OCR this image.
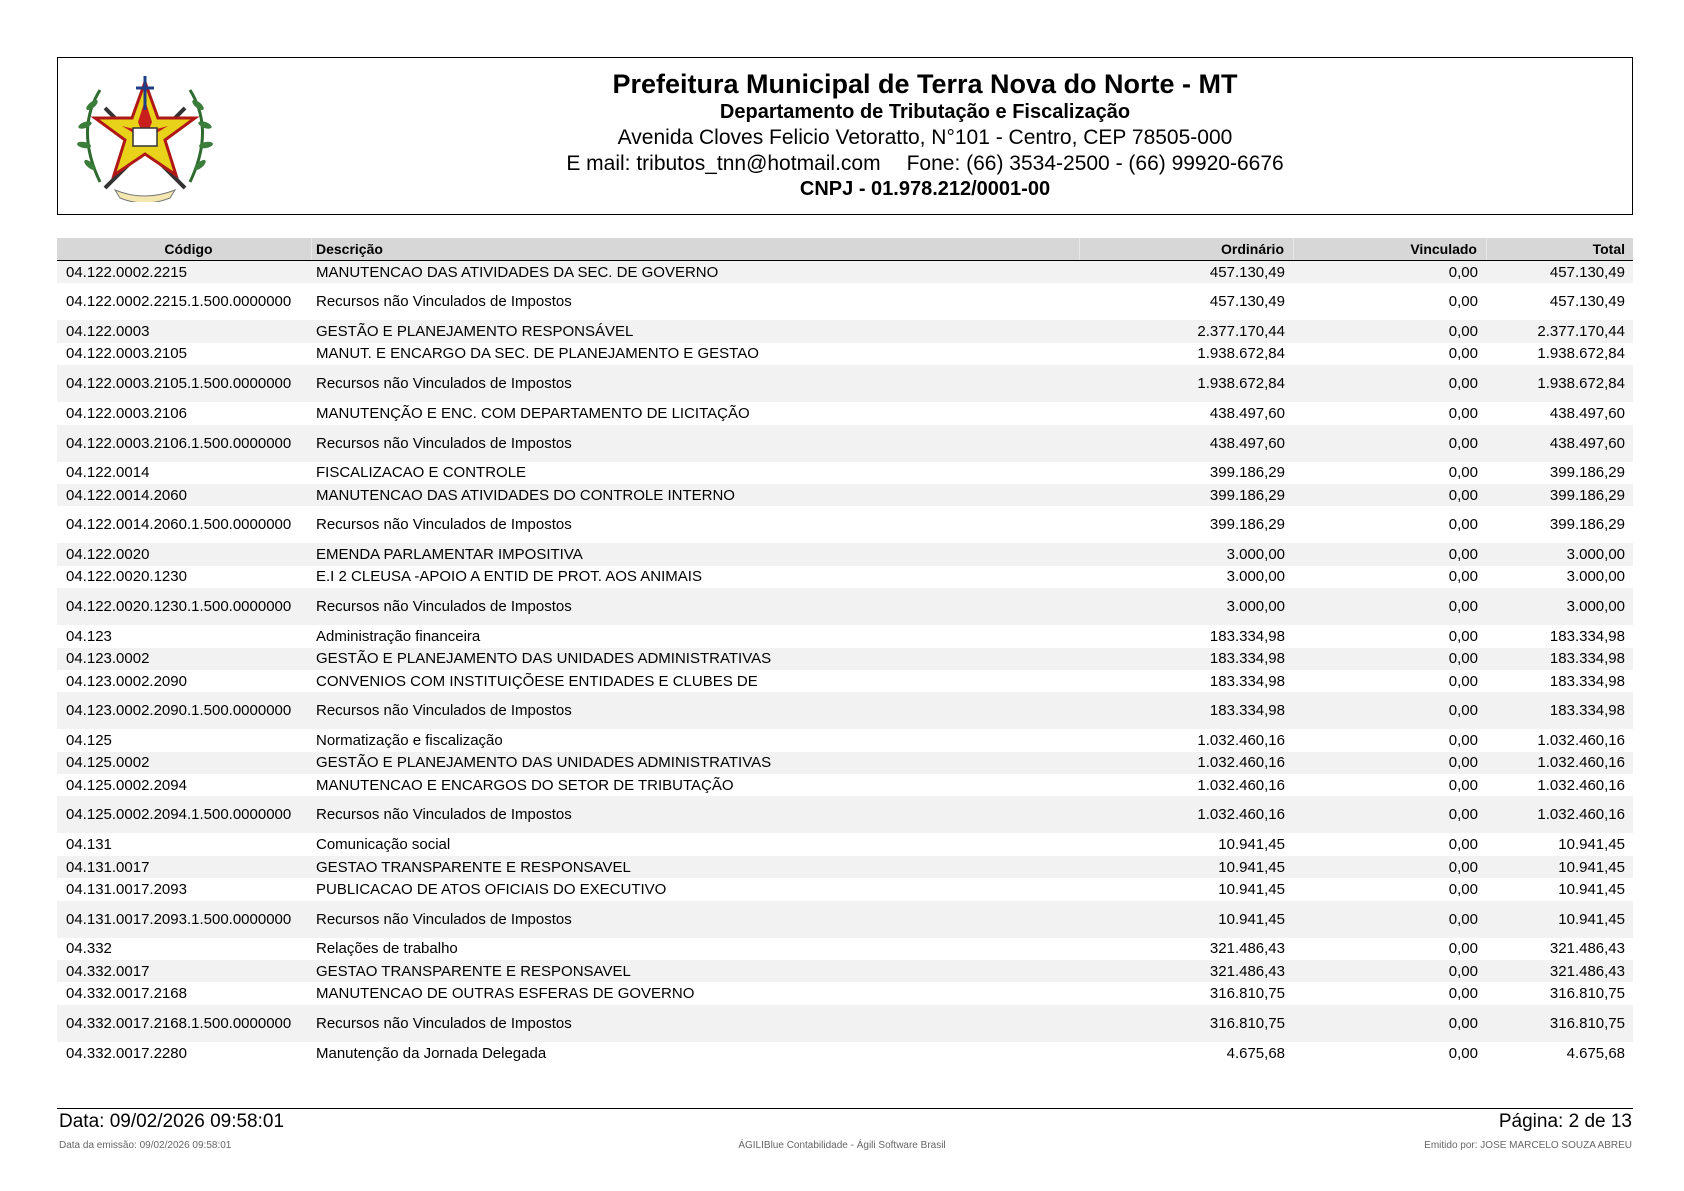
Prefeitura Municipal de Terra Nova do Norte - MT
Departamento de Tributação e Fiscalização
Avenida Cloves Felicio Vetoratto, N°101 - Centro, CEP 78505-000
E mail: tributos_tnn@hotmail.com Fone: (66) 3534-2500 - (66) 99920-6676
CNPJ - 01.978.212/0001-00
Código	Descrição	Ordinário	Vinculado	Total
04.122.0002.2215	MANUTENCAO DAS ATIVIDADES DA SEC. DE GOVERNO	457.130,49	0,00	457.130,49
04.122.0002.2215.1.500.0000000	Recursos não Vinculados de Impostos	457.130,49	0,00	457.130,49
04.122.0003	GESTÃO E PLANEJAMENTO RESPONSÁVEL	2.377.170,44	0,00	2.377.170,44
04.122.0003.2105	MANUT. E ENCARGO DA SEC. DE PLANEJAMENTO E GESTAO	1.938.672,84	0,00	1.938.672,84
04.122.0003.2105.1.500.0000000	Recursos não Vinculados de Impostos	1.938.672,84	0,00	1.938.672,84
04.122.0003.2106	MANUTENÇÃO E ENC. COM DEPARTAMENTO DE LICITAÇÃO	438.497,60	0,00	438.497,60
04.122.0003.2106.1.500.0000000	Recursos não Vinculados de Impostos	438.497,60	0,00	438.497,60
04.122.0014	FISCALIZACAO E CONTROLE	399.186,29	0,00	399.186,29
04.122.0014.2060	MANUTENCAO DAS ATIVIDADES DO CONTROLE INTERNO	399.186,29	0,00	399.186,29
04.122.0014.2060.1.500.0000000	Recursos não Vinculados de Impostos	399.186,29	0,00	399.186,29
04.122.0020	EMENDA PARLAMENTAR IMPOSITIVA	3.000,00	0,00	3.000,00
04.122.0020.1230	E.I 2 CLEUSA -APOIO A ENTID DE PROT. AOS ANIMAIS	3.000,00	0,00	3.000,00
04.122.0020.1230.1.500.0000000	Recursos não Vinculados de Impostos	3.000,00	0,00	3.000,00
04.123	Administração financeira	183.334,98	0,00	183.334,98
04.123.0002	GESTÃO E PLANEJAMENTO DAS UNIDADES ADMINISTRATIVAS	183.334,98	0,00	183.334,98
04.123.0002.2090	CONVENIOS COM INSTITUIÇÕESE ENTIDADES E CLUBES DE	183.334,98	0,00	183.334,98
04.123.0002.2090.1.500.0000000	Recursos não Vinculados de Impostos	183.334,98	0,00	183.334,98
04.125	Normatização e fiscalização	1.032.460,16	0,00	1.032.460,16
04.125.0002	GESTÃO E PLANEJAMENTO DAS UNIDADES ADMINISTRATIVAS	1.032.460,16	0,00	1.032.460,16
04.125.0002.2094	MANUTENCAO E ENCARGOS DO SETOR DE TRIBUTAÇÃO	1.032.460,16	0,00	1.032.460,16
04.125.0002.2094.1.500.0000000	Recursos não Vinculados de Impostos	1.032.460,16	0,00	1.032.460,16
04.131	Comunicação social	10.941,45	0,00	10.941,45
04.131.0017	GESTAO TRANSPARENTE E RESPONSAVEL	10.941,45	0,00	10.941,45
04.131.0017.2093	PUBLICACAO DE ATOS OFICIAIS DO EXECUTIVO	10.941,45	0,00	10.941,45
04.131.0017.2093.1.500.0000000	Recursos não Vinculados de Impostos	10.941,45	0,00	10.941,45
04.332	Relações de trabalho	321.486,43	0,00	321.486,43
04.332.0017	GESTAO TRANSPARENTE E RESPONSAVEL	321.486,43	0,00	321.486,43
04.332.0017.2168	MANUTENCAO DE OUTRAS ESFERAS DE GOVERNO	316.810,75	0,00	316.810,75
04.332.0017.2168.1.500.0000000	Recursos não Vinculados de Impostos	316.810,75	0,00	316.810,75
04.332.0017.2280	Manutenção da Jornada Delegada	4.675,68	0,00	4.675,68
Data: 09/02/2026 09:58:01	Página: 2 de 13
Data da emissão: 09/02/2026 09:58:01	ÁGILIBlue Contabilidade - Ágili Software Brasil	Emitido por: JOSE MARCELO SOUZA ABREU
